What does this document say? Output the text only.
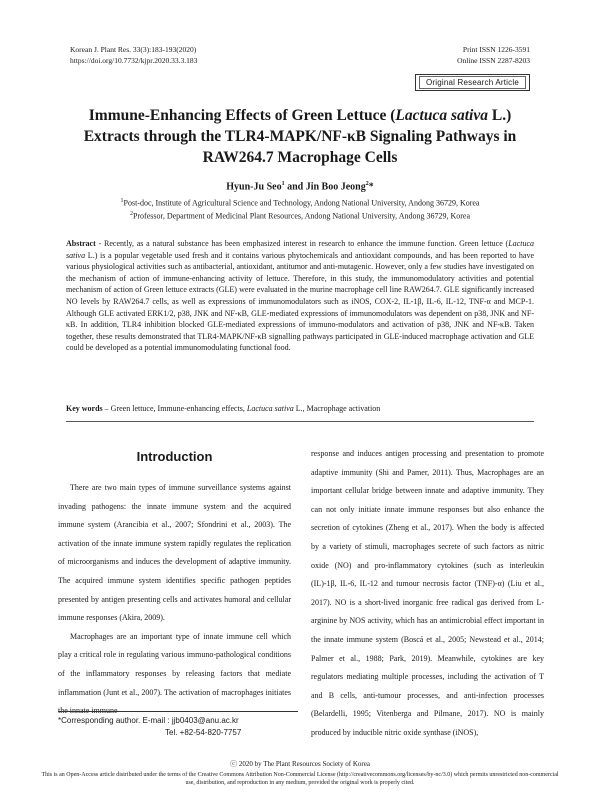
Korean J. Plant Res. 33(3):183-193(2020)
https://doi.org/10.7732/kjpr.2020.33.3.183
Print ISSN 1226-3591
Online ISSN 2287-8203
Original Research Article
Immune-Enhancing Effects of Green Lettuce (Lactuca sativa L.) Extracts through the TLR4-MAPK/NF-κB Signaling Pathways in RAW264.7 Macrophage Cells
Hyun-Ju Seo$^1$ and Jin Boo Jeong$^2$*
$^1$Post-doc, Institute of Agricultural Science and Technology, Andong National University, Andong 36729, Korea
$^2$Professor, Department of Medicinal Plant Resources, Andong National University, Andong 36729, Korea
Abstract - Recently, as a natural substance has been emphasized interest in research to enhance the immune function. Green lettuce (Lactuca sativa L.) is a popular vegetable used fresh and it contains various phytochemicals and antioxidant compounds, and has been reported to have various physiological activities such as antibacterial, antioxidant, antitumor and anti-mutagenic. However, only a few studies have investigated on the mechanism of action of immune-enhancing activity of lettuce. Therefore, in this study, the immunomodulatory activities and potential mechanism of action of Green lettuce extracts (GLE) were evaluated in the murine macrophage cell line RAW264.7. GLE significantly increased NO levels by RAW264.7 cells, as well as expressions of immunomodulators such as iNOS, COX-2, IL-1β, IL-6, IL-12, TNF-α and MCP-1. Although GLE activated ERK1/2, p38, JNK and NF-κB, GLE-mediated expressions of immunomodulators was dependent on p38, JNK and NF-κB. In addition, TLR4 inhibition blocked GLE-mediated expressions of immuno-modulators and activation of p38, JNK and NF-κB. Taken together, these results demonstrated that TLR4-MAPK/NF-κB signalling pathways participated in GLE-induced macrophage activation and GLE could be developed as a potential immunomodulating functional food.
Key words – Green lettuce, Immune-enhancing effects, Lactuca sativa L., Macrophage activation
Introduction

There are two main types of immune surveillance systems against invading pathogens: the innate immune system and the acquired immune system (Arancibia et al., 2007; Sfondrini et al., 2003). The activation of the innate immune system rapidly regulates the replication of microorganisms and induces the development of adaptive immunity. The acquired immune system identifies specific pathogen peptides presented by antigen presenting cells and activates humoral and cellular immune responses (Akira, 2009).

Macrophages are an important type of innate immune cell which play a critical role in regulating various immuno-pathological conditions of the inflammatory responses by releasing factors that mediate inflammation (Junt et al., 2007). The activation of macrophages initiates the innate immune

response and induces antigen processing and presentation to promote adaptive immunity (Shi and Pamer, 2011). Thus, Macrophages are an important cellular bridge between innate and adaptive immunity. They can not only initiate innate immune responses but also enhance the secretion of cytokines (Zheng et al., 2017). When the body is affected by a variety of stimuli, macrophages secrete of such factors as nitric oxide (NO) and pro-inflammatory cytokines (such as interleukin (IL)-1β, IL-6, IL-12 and tumour necrosis factor (TNF)-α) (Liu et al., 2017). NO is a short-lived inorganic free radical gas derived from L-arginine by NOS activity, which has an antimicrobial effect important in the innate immune system (Boscá et al., 2005; Newstead et al., 2014; Palmer et al., 1988; Park, 2019). Meanwhile, cytokines are key regulators mediating multiple processes, including the activation of T and B cells, anti-tumour processes, and anti-infection processes (Belardelli, 1995; Vitenberga and Pilmane, 2017). NO is mainly produced by inducible nitric oxide synthase (iNOS),

*Corresponding author. E-mail : jjb0403@anu.ac.kr
Tel. +82-54-820-7757
ⓒ 2020 by The Plant Resources Society of Korea
This is an Open-Access article distributed under the terms of the Creative Commons Attribution Non-Commercial License (http://creativecommons.org/licenses/by-nc/3.0) which permits unrestricted non-commercial use, distribution, and reproduction in any medium, provided the original work is properly cited.
